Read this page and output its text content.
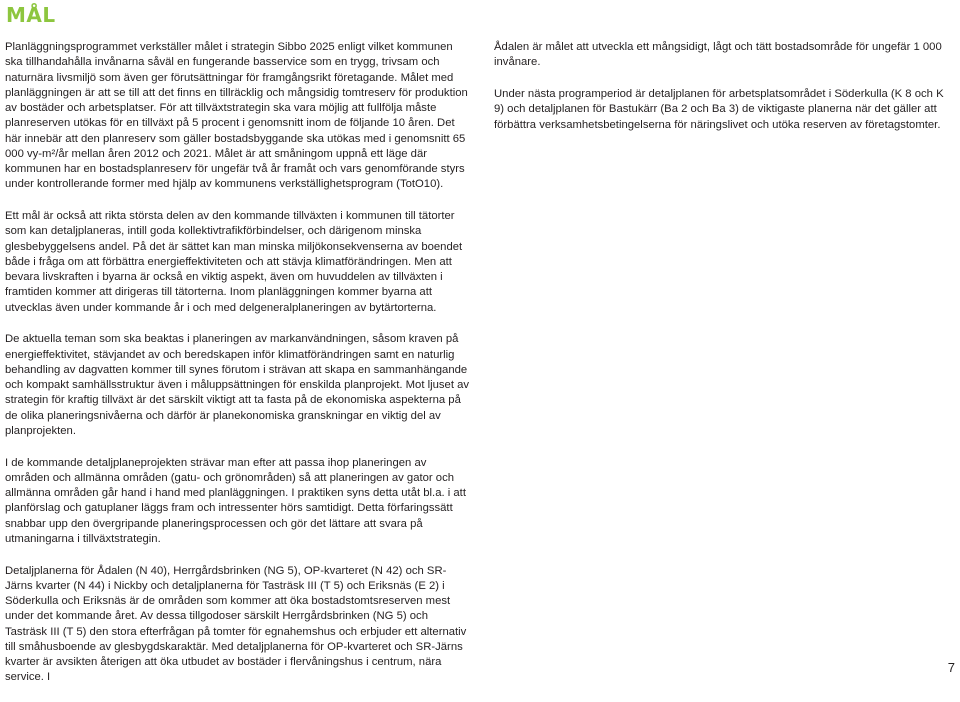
MÅL

Planläggningsprogrammet verkställer målet i strategin Sibbo 2025 enligt vilket kommunen ska tillhandahålla invånarna såväl en fungerande basservice som en trygg, trivsam och naturnära livsmiljö som även ger förutsättningar för framgångsrikt företagande. Målet med planläggningen är att se till att det finns en tillräcklig och mångsidig tomtreserv för produktion av bostäder och arbetsplatser. För att tillväxtstrategin ska vara möjlig att fullfölja måste planreserven utökas för en tillväxt på 5 procent i genomsnitt inom de följande 10 åren. Det här innebär att den planreserv som gäller bostadsbyggande ska utökas med i genomsnitt 65 000 vy-m²/år mellan åren 2012 och 2021. Målet är att småningom uppnå ett läge där kommunen har en bostadsplanreserv för ungefär två år framåt och vars genomförande styrs under kontrollerande former med hjälp av kommunens verkställighetsprogram (TotO10).

Ett mål är också att rikta största delen av den kommande tillväxten i kommunen till tätorter som kan detaljplaneras, intill goda kollektivtrafikförbindelser, och därigenom minska glesbebyggelsens andel. På det är sättet kan man minska miljökonsekvenserna av boendet både i fråga om att förbättra energieffektiviteten och att stävja klimatförändringen. Men att bevara livskraften i byarna är också en viktig aspekt, även om huvuddelen av tillväxten i framtiden kommer att dirigeras till tätorterna. Inom planläggningen kommer byarna att utvecklas även under kommande år i och med delgeneralplaneringen av bytärtorterna.

De aktuella teman som ska beaktas i planeringen av markanvändningen, såsom kraven på energieffektivitet, stävjandet av och beredskapen inför klimatförändringen samt en naturlig behandling av dagvatten kommer till synes förutom i strävan att skapa en sammanhängande och kompakt samhällsstruktur även i måluppsättningen för enskilda planprojekt. Mot ljuset av strategin för kraftig tillväxt är det särskilt viktigt att ta fasta på de ekonomiska aspekterna på de olika planeringsnivåerna och därför är planekonomiska granskningar en viktig del av planprojekten.

I de kommande detaljplaneprojekten strävar man efter att passa ihop planeringen av områden och allmänna områden (gatu- och grönområden) så att planeringen av gator och allmänna områden går hand i hand med planläggningen. I praktiken syns detta utåt bl.a. i att planförslag och gatuplaner läggs fram och intressenter hörs samtidigt. Detta förfaringssätt snabbar upp den övergripande planeringsprocessen och gör det lättare att svara på utmaningarna i tillväxtstrategin.

Detaljplanerna för Ådalen (N 40), Herrgårdsbrinken (NG 5), OP-kvarteret (N 42) och SR-Järns kvarter (N 44) i Nickby och detaljplanerna för Tasträsk III (T 5) och Eriksnäs (E 2) i Söderkulla och Eriksnäs är de områden som kommer att öka bostadstomtsreserven mest under det kommande året. Av dessa tillgodoser särskilt Herrgårdsbrinken (NG 5) och Tasträsk III (T 5) den stora efterfrågan på tomter för egnahemshus och erbjuder ett alternativ till småhusboende av glesbygdskaraktär. Med detaljplanerna för OP-kvarteret och SR-Järns kvarter är avsikten återigen att öka utbudet av bostäder i flervåningshus i centrum, nära service. I

Ådalen är målet att utveckla ett mångsidigt, lågt och tätt bostadsområde för ungefär 1 000 invånare.

Under nästa programperiod är detaljplanen för arbetsplatsområdet i Söderkulla (K 8 och K 9) och detaljplanen för Bastukärr (Ba 2 och Ba 3) de viktigaste planerna när det gäller att förbättra verksamhetsbetingelserna för näringslivet och utöka reserven av företagstomter.

7
